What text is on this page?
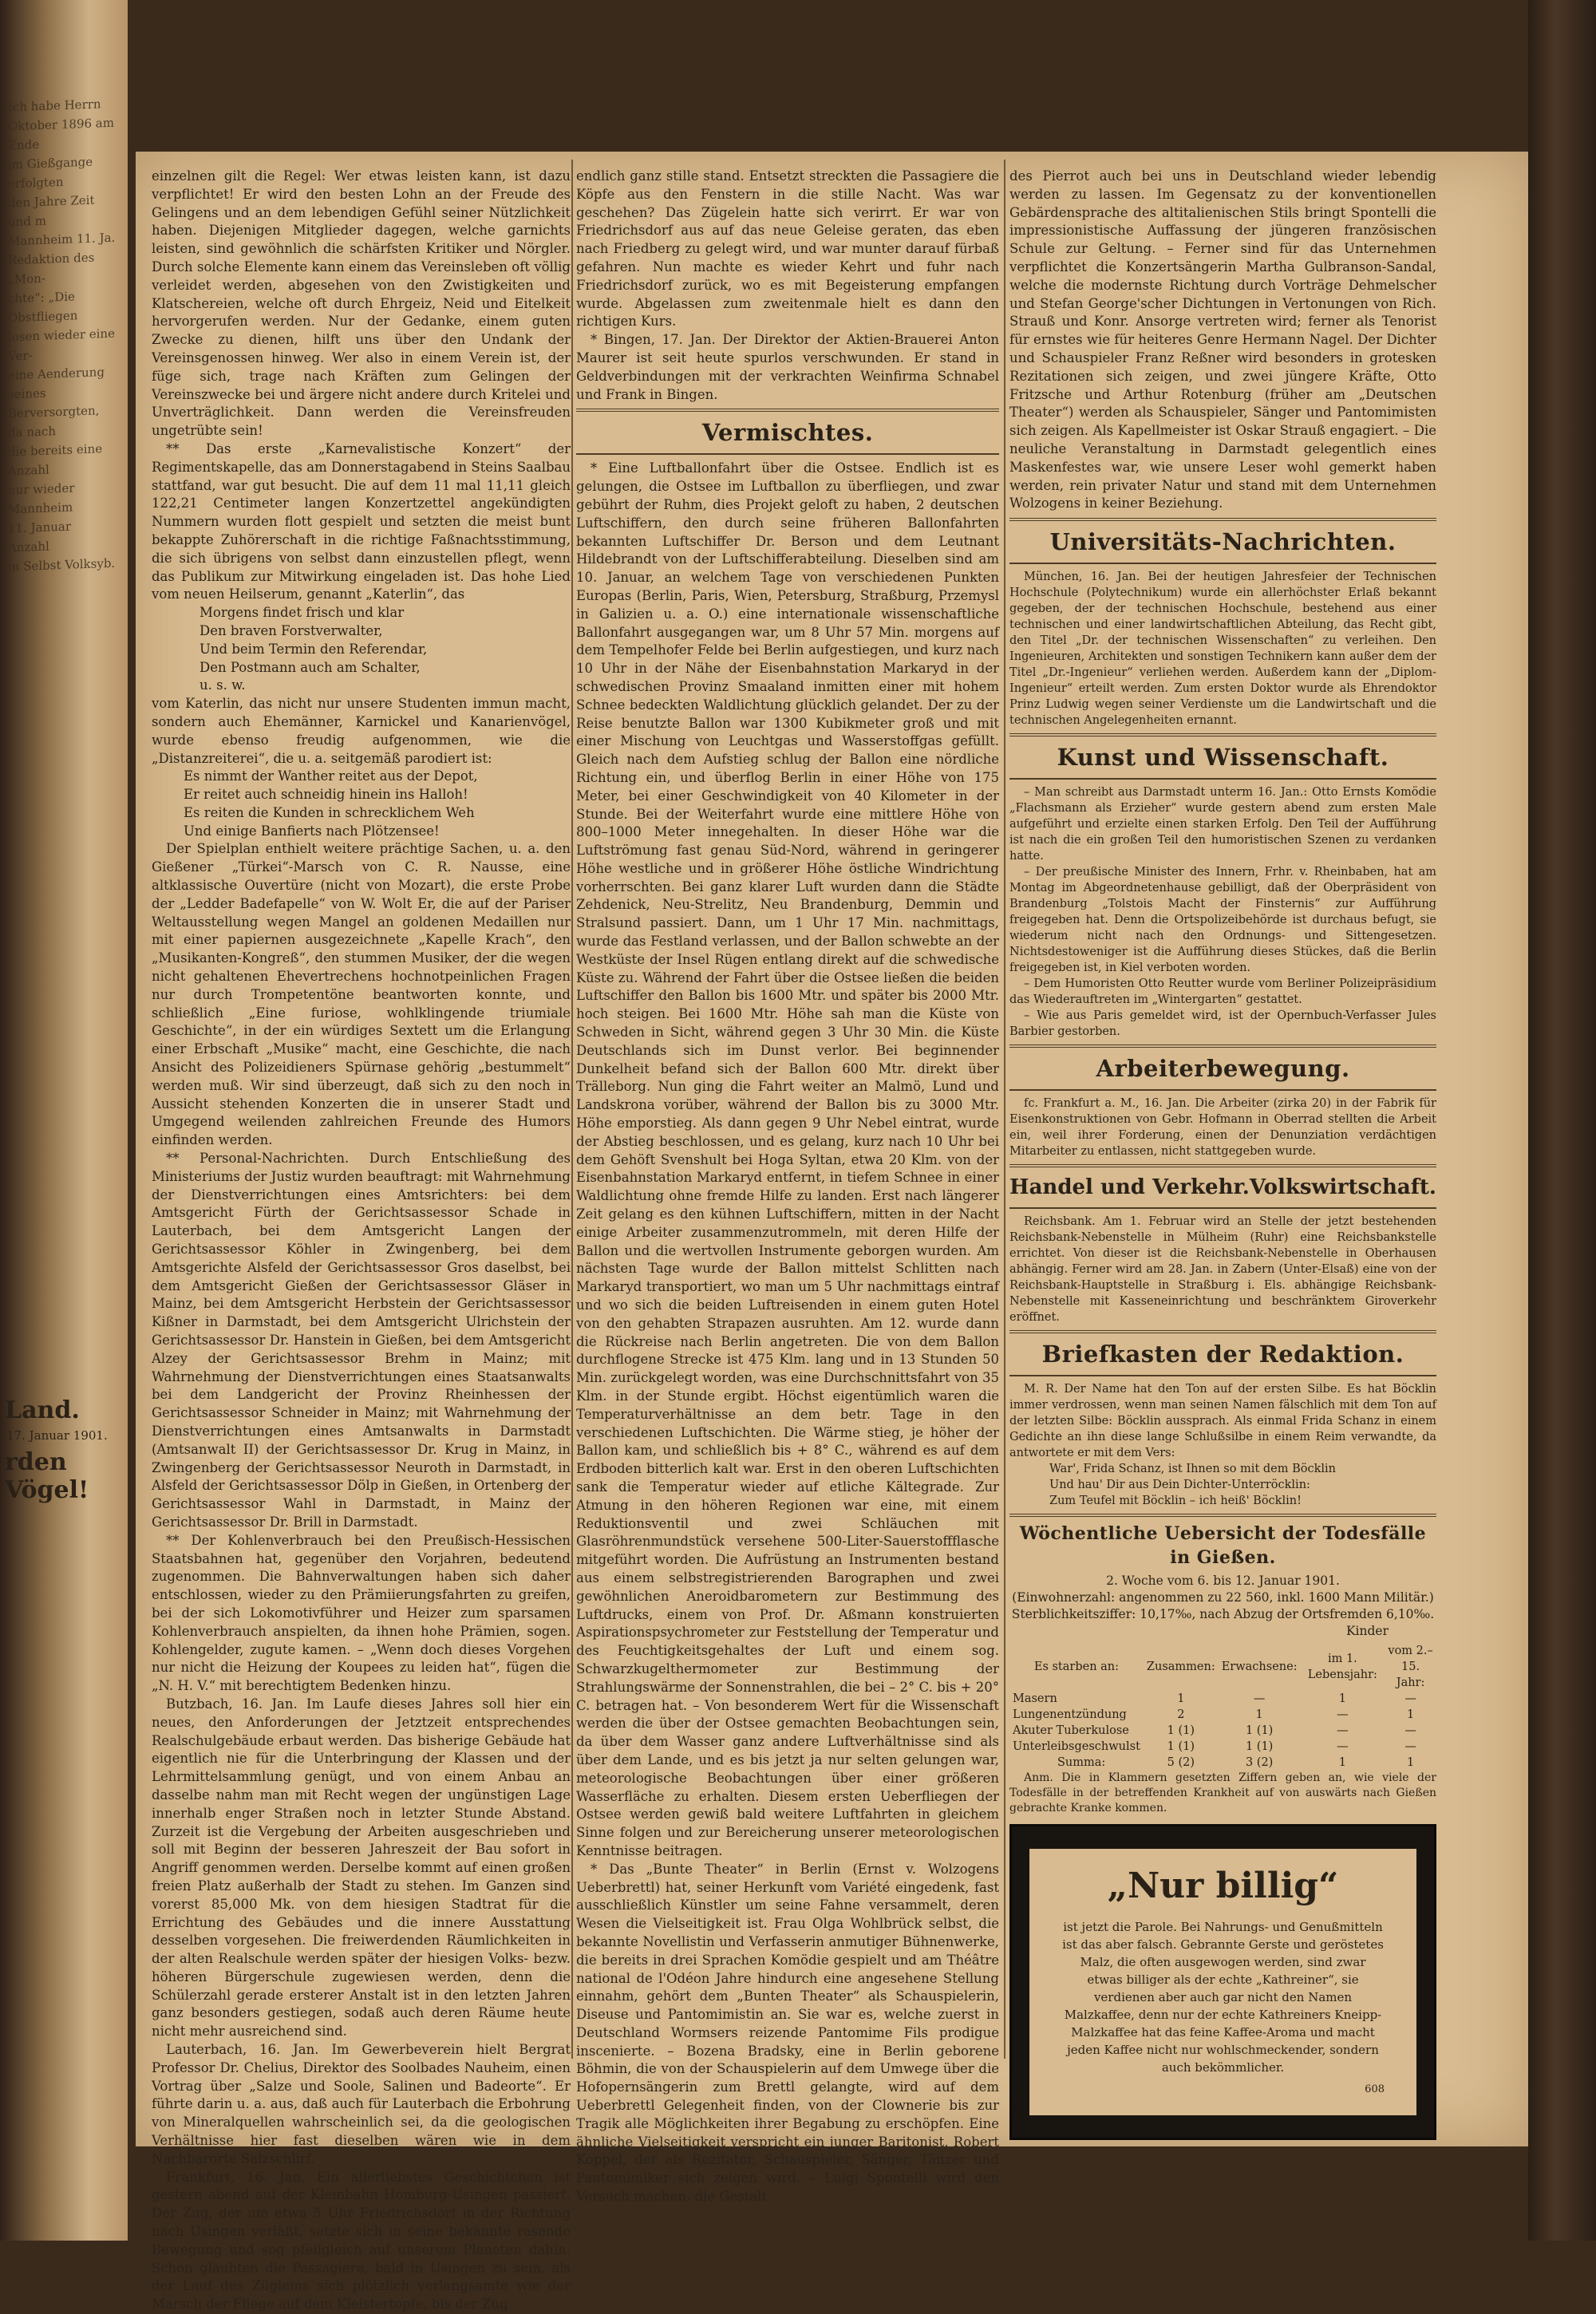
Ich habe Herrn
Oktober 1896 am Ende
im Gießgange erfolgten
den Jahre Zeit und m
Mannheim 11. Ja.
Redaktion des „Mon-
chte“: „Die Obstfliegen
losen wieder eine Ver-
eine Aenderung seines
Berversorgten, da nach
die bereits eine Anzahl
nur wieder Mannheim
11. Januar Anzahl
in Selbst Volksyb.
Land.
17. Januar 1901.
rden Vögel!

einzelnen gilt die Regel: Wer etwas leisten kann, ist dazu verpflichtet! Er wird den besten Lohn an der Freude des Gelingens und an dem lebendigen Gefühl seiner Nützlichkeit haben. Diejenigen Mitglieder dagegen, welche garnichts leisten, sind gewöhnlich die schärfsten Kritiker und Nörgler. Durch solche Elemente kann einem das Vereinsleben oft völlig verleidet werden, abgesehen von den Zwistigkeiten und Klatschereien, welche oft durch Ehrgeiz, Neid und Eitelkeit hervorgerufen werden. Nur der Gedanke, einem guten Zwecke zu dienen, hilft uns über den Undank der Vereinsgenossen hinweg. Wer also in einem Verein ist, der füge sich, trage nach Kräften zum Gelingen der Vereinszwecke bei und ärgere nicht andere durch Kritelei und Unverträglichkeit. Dann werden die Vereinsfreuden ungetrübte sein!

** Das erste „Karnevalistische Konzert“ der Regimentskapelle, das am Donnerstagabend in Steins Saalbau stattfand, war gut besucht. Die auf dem 11 mal 11,11 gleich 122,21 Centimeter langen Konzertzettel angekündigten Nummern wurden flott gespielt und setzten die meist bunt bekappte Zuhörerschaft in die richtige Faßnachtsstimmung, die sich übrigens von selbst dann einzustellen pflegt, wenn das Publikum zur Mitwirkung eingeladen ist. Das hohe Lied vom neuen Heilserum, genannt „Katerlin“, das

Morgens findet frisch und klar
Den braven Forstverwalter,
Und beim Termin den Referendar,
Den Postmann auch am Schalter,
u. s. w.

vom Katerlin, das nicht nur unsere Studenten immun macht, sondern auch Ehemänner, Karnickel und Kanarienvögel, wurde ebenso freudig aufgenommen, wie die „Distanzreiterei“, die u. a. seitgemäß parodiert ist:

Es nimmt der Wanther reitet aus der Depot,
Er reitet auch schneidig hinein ins Halloh!
Es reiten die Kunden in schrecklichem Weh
Und einige Banfierts nach Plötzensee!

Der Spielplan enthielt weitere prächtige Sachen, u. a. den Gießener „Türkei“-Marsch von C. R. Nausse, eine altklassische Ouvertüre (nicht von Mozart), die erste Probe der „Ledder Badefapelle“ von W. Wolt Er, die auf der Pariser Weltausstellung wegen Mangel an goldenen Medaillen nur mit einer papiernen ausgezeichnete „Kapelle Krach“, den „Musikanten-Kongreß“, den stummen Musiker, der die wegen nicht gehaltenen Ehevertrechens hochnotpeinlichen Fragen nur durch Trompetentöne beantworten konnte, und schließlich „Eine furiose, wohlklingende triumiale Geschichte“, in der ein würdiges Sextett um die Erlangung einer Erbschaft „Musike“ macht, eine Geschichte, die nach Ansicht des Polizeidieners Spürnase gehörig „bestummelt“ werden muß. Wir sind überzeugt, daß sich zu den noch in Aussicht stehenden Konzerten die in unserer Stadt und Umgegend weilenden zahlreichen Freunde des Humors einfinden werden.

** Personal-Nachrichten. Durch Entschließung des Ministeriums der Justiz wurden beauftragt: mit Wahrnehmung der Dienstverrichtungen eines Amtsrichters: bei dem Amtsgericht Fürth der Gerichtsassessor Schade in Lauterbach, bei dem Amtsgericht Langen der Gerichtsassessor Köhler in Zwingenberg, bei dem Amtsgerichte Alsfeld der Gerichtsassessor Gros daselbst, bei dem Amtsgericht Gießen der Gerichtsassessor Gläser in Mainz, bei dem Amtsgericht Herbstein der Gerichtsassessor Kißner in Darmstadt, bei dem Amtsgericht Ulrichstein der Gerichtsassessor Dr. Hanstein in Gießen, bei dem Amtsgericht Alzey der Gerichtsassessor Brehm in Mainz; mit Wahrnehmung der Dienstverrichtungen eines Staatsanwalts bei dem Landgericht der Provinz Rheinhessen der Gerichtsassessor Schneider in Mainz; mit Wahrnehmung der Dienstverrichtungen eines Amtsanwalts in Darmstadt (Amtsanwalt II) der Gerichtsassessor Dr. Krug in Mainz, in Zwingenberg der Gerichtsassessor Neuroth in Darmstadt, in Alsfeld der Gerichtsassessor Dölp in Gießen, in Ortenberg der Gerichtsassessor Wahl in Darmstadt, in Mainz der Gerichtsassessor Dr. Brill in Darmstadt.

** Der Kohlenverbrauch bei den Preußisch-Hessischen Staatsbahnen hat, gegenüber den Vorjahren, bedeutend zugenommen. Die Bahnverwaltungen haben sich daher entschlossen, wieder zu den Prämiierungsfahrten zu greifen, bei der sich Lokomotivführer und Heizer zum sparsamen Kohlenverbrauch anspielten, da ihnen hohe Prämien, sogen. Kohlengelder, zugute kamen. – „Wenn doch dieses Vorgehen nur nicht die Heizung der Koupees zu leiden hat“, fügen die „N. H. V.“ mit berechtigtem Bedenken hinzu.

Butzbach, 16. Jan. Im Laufe dieses Jahres soll hier ein neues, den Anforderungen der Jetztzeit entsprechendes Realschulgebäude erbaut werden. Das bisherige Gebäude hat eigentlich nie für die Unterbringung der Klassen und der Lehrmittelsammlung genügt, und von einem Anbau an dasselbe nahm man mit Recht wegen der ungünstigen Lage innerhalb enger Straßen noch in letzter Stunde Abstand. Zurzeit ist die Vergebung der Arbeiten ausgeschrieben und soll mit Beginn der besseren Jahreszeit der Bau sofort in Angriff genommen werden. Derselbe kommt auf einen großen freien Platz außerhalb der Stadt zu stehen. Im Ganzen sind vorerst 85,000 Mk. von dem hiesigen Stadtrat für die Errichtung des Gebäudes und die innere Ausstattung desselben vorgesehen. Die freiwerdenden Räumlichkeiten in der alten Realschule werden später der hiesigen Volks- bezw. höheren Bürgerschule zugewiesen werden, denn die Schülerzahl gerade ersterer Anstalt ist in den letzten Jahren ganz besonders gestiegen, sodaß auch deren Räume heute nicht mehr ausreichend sind.

Lauterbach, 16. Jan. Im Gewerbeverein hielt Bergrat Professor Dr. Chelius, Direktor des Soolbades Nauheim, einen Vortrag über „Salze und Soole, Salinen und Badeorte“. Er führte darin u. a. aus, daß auch für Lauterbach die Erbohrung von Mineralquellen wahrscheinlich sei, da die geologischen Verhältnisse hier fast dieselben wären wie in dem Nachbarorte Salzschlirf.

Frankfurt, 16. Jan. Ein allerliebstes Geschichtchen ist gestern abend auf der Kleinbahn Homburg-Usingen passiert. Der Zug, der um etwa 5 Uhr Friedrichsdorf in der Richtung nach Usingen verläßt, setzte sich in seine bekannte rasende Bewegung und sog pfeilgleich auf unserem Planeten dahin. Schon glaubten die Passagiere, bald in Usingen zu sein, als der Lauf des Zügleins sich plötzlich verlangsamte wie der Marsch der Fliege auf dem Kleistertopfe, bis der Zug

endlich ganz stille stand. Entsetzt streckten die Passagiere die Köpfe aus den Fenstern in die stille Nacht. Was war geschehen? Das Zügelein hatte sich verirrt. Er war von Friedrichsdorf aus auf das neue Geleise geraten, das eben nach Friedberg zu gelegt wird, und war munter darauf fürbaß gefahren. Nun machte es wieder Kehrt und fuhr nach Friedrichsdorf zurück, wo es mit Begeisterung empfangen wurde. Abgelassen zum zweitenmale hielt es dann den richtigen Kurs.

* Bingen, 17. Jan. Der Direktor der Aktien-Brauerei Anton Maurer ist seit heute spurlos verschwunden. Er stand in Geldverbindungen mit der verkrachten Weinfirma Schnabel und Frank in Bingen.

Vermischtes.

* Eine Luftballonfahrt über die Ostsee. Endlich ist es gelungen, die Ostsee im Luftballon zu überfliegen, und zwar gebührt der Ruhm, dies Projekt geloft zu haben, 2 deutschen Luftschiffern, den durch seine früheren Ballonfahrten bekannten Luftschiffer Dr. Berson und dem Leutnant Hildebrandt von der Luftschifferabteilung. Dieselben sind am 10. Januar, an welchem Tage von verschiedenen Punkten Europas (Berlin, Paris, Wien, Petersburg, Straßburg, Przemysl in Galizien u. a. O.) eine internationale wissenschaftliche Ballonfahrt ausgegangen war, um 8 Uhr 57 Min. morgens auf dem Tempelhofer Felde bei Berlin aufgestiegen, und kurz nach 10 Uhr in der Nähe der Eisenbahnstation Markaryd in der schwedischen Provinz Smaaland inmitten einer mit hohem Schnee bedeckten Waldlichtung glücklich gelandet. Der zu der Reise benutzte Ballon war 1300 Kubikmeter groß und mit einer Mischung von Leuchtgas und Wasserstoffgas gefüllt. Gleich nach dem Aufstieg schlug der Ballon eine nördliche Richtung ein, und überflog Berlin in einer Höhe von 175 Meter, bei einer Geschwindigkeit von 40 Kilometer in der Stunde. Bei der Weiterfahrt wurde eine mittlere Höhe von 800–1000 Meter innegehalten. In dieser Höhe war die Luftströmung fast genau Süd-Nord, während in geringerer Höhe westliche und in größerer Höhe östliche Windrichtung vorherrschten. Bei ganz klarer Luft wurden dann die Städte Zehdenick, Neu-Strelitz, Neu Brandenburg, Demmin und Stralsund passiert. Dann, um 1 Uhr 17 Min. nachmittags, wurde das Festland verlassen, und der Ballon schwebte an der Westküste der Insel Rügen entlang direkt auf die schwedische Küste zu. Während der Fahrt über die Ostsee ließen die beiden Luftschiffer den Ballon bis 1600 Mtr. und später bis 2000 Mtr. hoch steigen. Bei 1600 Mtr. Höhe sah man die Küste von Schweden in Sicht, während gegen 3 Uhr 30 Min. die Küste Deutschlands sich im Dunst verlor. Bei beginnender Dunkelheit befand sich der Ballon 600 Mtr. direkt über Trälleborg. Nun ging die Fahrt weiter an Malmö, Lund und Landskrona vorüber, während der Ballon bis zu 3000 Mtr. Höhe emporstieg. Als dann gegen 9 Uhr Nebel eintrat, wurde der Abstieg beschlossen, und es gelang, kurz nach 10 Uhr bei dem Gehöft Svenshult bei Hoga Syltan, etwa 20 Klm. von der Eisenbahnstation Markaryd entfernt, in tiefem Schnee in einer Waldlichtung ohne fremde Hilfe zu landen. Erst nach längerer Zeit gelang es den kühnen Luftschiffern, mitten in der Nacht einige Arbeiter zusammenzutrommeln, mit deren Hilfe der Ballon und die wertvollen Instrumente geborgen wurden. Am nächsten Tage wurde der Ballon mittelst Schlitten nach Markaryd transportiert, wo man um 5 Uhr nachmittags eintraf und wo sich die beiden Luftreisenden in einem guten Hotel von den gehabten Strapazen ausruhten. Am 12. wurde dann die Rückreise nach Berlin angetreten. Die von dem Ballon durchflogene Strecke ist 475 Klm. lang und in 13 Stunden 50 Min. zurückgelegt worden, was eine Durchschnittsfahrt von 35 Klm. in der Stunde ergibt. Höchst eigentümlich waren die Temperaturverhältnisse an dem betr. Tage in den verschiedenen Luftschichten. Die Wärme stieg, je höher der Ballon kam, und schließlich bis + 8° C., während es auf dem Erdboden bitterlich kalt war. Erst in den oberen Luftschichten sank die Temperatur wieder auf etliche Kältegrade. Zur Atmung in den höheren Regionen war eine, mit einem Reduktionsventil und zwei Schläuchen mit Glasröhrenmundstück versehene 500-Liter-Sauerstoffflasche mitgeführt worden. Die Aufrüstung an Instrumenten bestand aus einem selbstregistrierenden Barographen und zwei gewöhnlichen Aneroidbarometern zur Bestimmung des Luftdrucks, einem von Prof. Dr. Aßmann konstruierten Aspirationspsychrometer zur Feststellung der Temperatur und des Feuchtigkeitsgehaltes der Luft und einem sog. Schwarzkugelthermometer zur Bestimmung der Strahlungswärme der Sonnenstrahlen, die bei – 2° C. bis + 20° C. betragen hat. – Von besonderem Wert für die Wissenschaft werden die über der Ostsee gemachten Beobachtungen sein, da über dem Wasser ganz andere Luftverhältnisse sind als über dem Lande, und es bis jetzt ja nur selten gelungen war, meteorologische Beobachtungen über einer größeren Wasserfläche zu erhalten. Diesem ersten Ueberfliegen der Ostsee werden gewiß bald weitere Luftfahrten in gleichem Sinne folgen und zur Bereicherung unserer meteorologischen Kenntnisse beitragen.

* Das „Bunte Theater“ in Berlin (Ernst v. Wolzogens Ueberbrettl) hat, seiner Herkunft vom Variété eingedenk, fast ausschließlich Künstler um seine Fahne versammelt, deren Wesen die Vielseitigkeit ist. Frau Olga Wohlbrück selbst, die bekannte Novellistin und Verfasserin anmutiger Bühnenwerke, die bereits in drei Sprachen Komödie gespielt und am Théâtre national de l'Odéon Jahre hindurch eine angesehene Stellung einnahm, gehört dem „Bunten Theater“ als Schauspielerin, Diseuse und Pantomimistin an. Sie war es, welche zuerst in Deutschland Wormsers reizende Pantomime Fils prodigue inscenierte. – Bozena Bradsky, eine in Berlin geborene Böhmin, die von der Schauspielerin auf dem Umwege über die Hofopernsängerin zum Brettl gelangte, wird auf dem Ueberbrettl Gelegenheit finden, von der Clownerie bis zur Tragik alle Möglichkeiten ihrer Begabung zu erschöpfen. Eine ähnliche Vielseitigkeit verspricht ein junger Baritonist, Robert Koppel, der als Rezitator, Schauspieler, Sänger, Tänzer und Pantomimiker sich zeigen wird. – Luigi Spontelli wird den Versuch machen, die Gestalt

des Pierrot auch bei uns in Deutschland wieder lebendig werden zu lassen. Im Gegensatz zu der konventionellen Gebärdensprache des altitalienischen Stils bringt Spontelli die impressionistische Auffassung der jüngeren französischen Schule zur Geltung. – Ferner sind für das Unternehmen verpflichtet die Konzertsängerin Martha Gulbranson-Sandal, welche die modernste Richtung durch Vorträge Dehmelscher und Stefan George'scher Dichtungen in Vertonungen von Rich. Strauß und Konr. Ansorge vertreten wird; ferner als Tenorist für ernstes wie für heiteres Genre Hermann Nagel. Der Dichter und Schauspieler Franz Reßner wird besonders in grotesken Rezitationen sich zeigen, und zwei jüngere Kräfte, Otto Fritzsche und Arthur Rotenburg (früher am „Deutschen Theater“) werden als Schauspieler, Sänger und Pantomimisten sich zeigen. Als Kapellmeister ist Oskar Strauß engagiert. – Die neuliche Veranstaltung in Darmstadt gelegentlich eines Maskenfestes war, wie unsere Leser wohl gemerkt haben werden, rein privater Natur und stand mit dem Unternehmen Wolzogens in keiner Beziehung.

Universitäts-Nachrichten.

München, 16. Jan. Bei der heutigen Jahresfeier der Technischen Hochschule (Polytechnikum) wurde ein allerhöchster Erlaß bekannt gegeben, der der technischen Hochschule, bestehend aus einer technischen und einer landwirtschaftlichen Abteilung, das Recht gibt, den Titel „Dr. der technischen Wissenschaften“ zu verleihen. Den Ingenieuren, Architekten und sonstigen Technikern kann außer dem der Titel „Dr.-Ingenieur“ verliehen werden. Außerdem kann der „Diplom-Ingenieur“ erteilt werden. Zum ersten Doktor wurde als Ehrendoktor Prinz Ludwig wegen seiner Verdienste um die Landwirtschaft und die technischen Angelegenheiten ernannt.

Kunst und Wissenschaft.

– Man schreibt aus Darmstadt unterm 16. Jan.: Otto Ernsts Komödie „Flachsmann als Erzieher“ wurde gestern abend zum ersten Male aufgeführt und erzielte einen starken Erfolg. Den Teil der Aufführung ist nach die ein großen Teil den humoristischen Szenen zu verdanken hatte.

– Der preußische Minister des Innern, Frhr. v. Rheinbaben, hat am Montag im Abgeordnetenhause gebilligt, daß der Oberpräsident von Brandenburg „Tolstois Macht der Finsternis“ zur Aufführung freigegeben hat. Denn die Ortspolizeibehörde ist durchaus befugt, sie wiederum nicht nach den Ordnungs- und Sittengesetzen. Nichtsdestoweniger ist die Aufführung dieses Stückes, daß die Berlin freigegeben ist, in Kiel verboten worden.

– Dem Humoristen Otto Reutter wurde vom Berliner Polizeipräsidium das Wiederauftreten im „Wintergarten“ gestattet.

– Wie aus Paris gemeldet wird, ist der Opernbuch-Verfasser Jules Barbier gestorben.

Arbeiterbewegung.

fc. Frankfurt a. M., 16. Jan. Die Arbeiter (zirka 20) in der Fabrik für Eisenkonstruktionen von Gebr. Hofmann in Oberrad stellten die Arbeit ein, weil ihrer Forderung, einen der Denunziation verdächtigen Mitarbeiter zu entlassen, nicht stattgegeben wurde.

Handel und Verkehr. Volkswirtschaft.

Reichsbank. Am 1. Februar wird an Stelle der jetzt bestehenden Reichsbank-Nebenstelle in Mülheim (Ruhr) eine Reichsbankstelle errichtet. Von dieser ist die Reichsbank-Nebenstelle in Oberhausen abhängig. Ferner wird am 28. Jan. in Zabern (Unter-Elsaß) eine von der Reichsbank-Hauptstelle in Straßburg i. Els. abhängige Reichsbank-Nebenstelle mit Kasseneinrichtung und beschränktem Giroverkehr eröffnet.

Briefkasten der Redaktion.

M. R. Der Name hat den Ton auf der ersten Silbe. Es hat Böcklin immer verdrossen, wenn man seinen Namen fälschlich mit dem Ton auf der letzten Silbe: Böcklin aussprach. Als einmal Frida Schanz in einem Gedichte an ihn diese lange Schlußsilbe in einem Reim verwandte, da antwortete er mit dem Vers:

War', Frida Schanz, ist Ihnen so mit dem Böcklin
Und hau' Dir aus Dein Dichter-Unterröcklin:
Zum Teufel mit Böcklin – ich heiß' Böcklin!

Wöchentliche Uebersicht der Todesfälle in Gießen.
2. Woche vom 6. bis 12. Januar 1901.
(Einwohnerzahl: angenommen zu 22 560, inkl. 1600 Mann Militär.)
Sterblichkeitsziffer: 10,17‰, nach Abzug der Ortsfremden 6,10‰.
Kinder
Es starben an:	Zusammen:	Erwachsene:	im 1. Lebensjahr:	vom 2.–15. Jahr:
Masern	1	—	1	—
Lungenentzündung	2	1	—	1
Akuter Tuberkulose	1 (1)	1 (1)	—	—
Unterleibsgeschwulst	1 (1)	1 (1)	—	—
Summa:	5 (2)	3 (2)	1	1

Anm. Die in Klammern gesetzten Ziffern geben an, wie viele der Todesfälle in der betreffenden Krankheit auf von auswärts nach Gießen gebrachte Kranke kommen.

„Nur billig“
ist jetzt die Parole. Bei Nahrungs- und Genußmitteln ist das aber falsch. Gebrannte Gerste und geröstetes Malz, die often ausgewogen werden, sind zwar etwas billiger als der echte „Kathreiner“, sie verdienen aber auch gar nicht den Namen Malzkaffee, denn nur der echte Kathreiners Kneipp-Malzkaffee hat das feine Kaffee-Aroma und macht jeden Kaffee nicht nur wohlschmeckender, sondern auch bekömmlicher.
608
